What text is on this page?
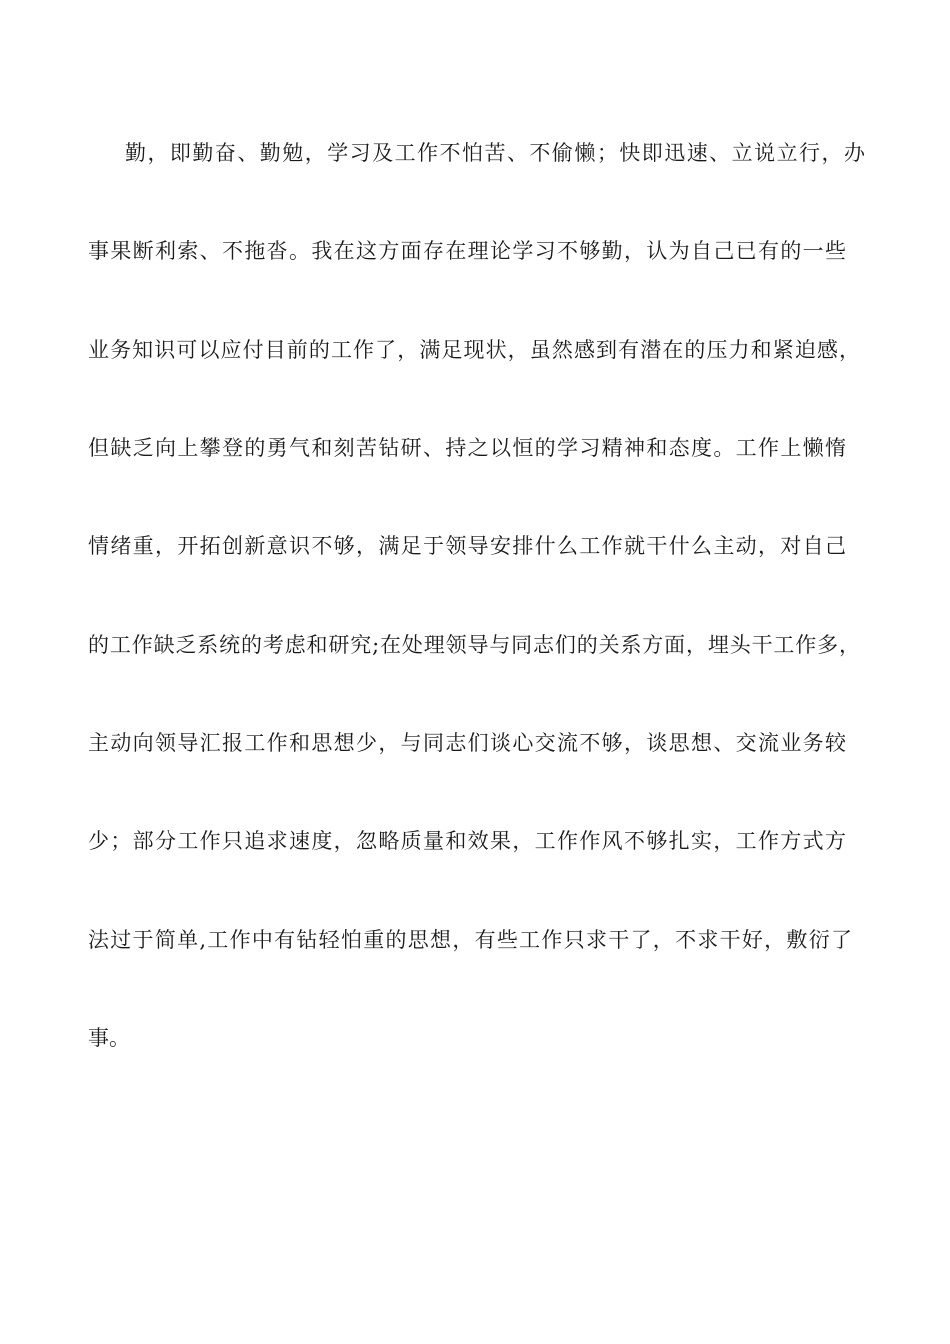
勤，即勤奋、勤勉，学习及工作不怕苦、不偷懒；快即迅速、立说立行，办

事果断利索、不拖沓。我在这方面存在理论学习不够勤，认为自己已有的一些

业务知识可以应付目前的工作了，满足现状，虽然感到有潜在的压力和紧迫感，

但缺乏向上攀登的勇气和刻苦钻研、持之以恒的学习精神和态度。工作上懒惰

情绪重，开拓创新意识不够，满足于领导安排什么工作就干什么主动，对自己

的工作缺乏系统的考虑和研究;在处理领导与同志们的关系方面，埋头干工作多，

主动向领导汇报工作和思想少，与同志们谈心交流不够，谈思想、交流业务较

少；部分工作只追求速度，忽略质量和效果，工作作风不够扎实，工作方式方

法过于简单,工作中有钻轻怕重的思想，有些工作只求干了，不求干好，敷衍了

事。
